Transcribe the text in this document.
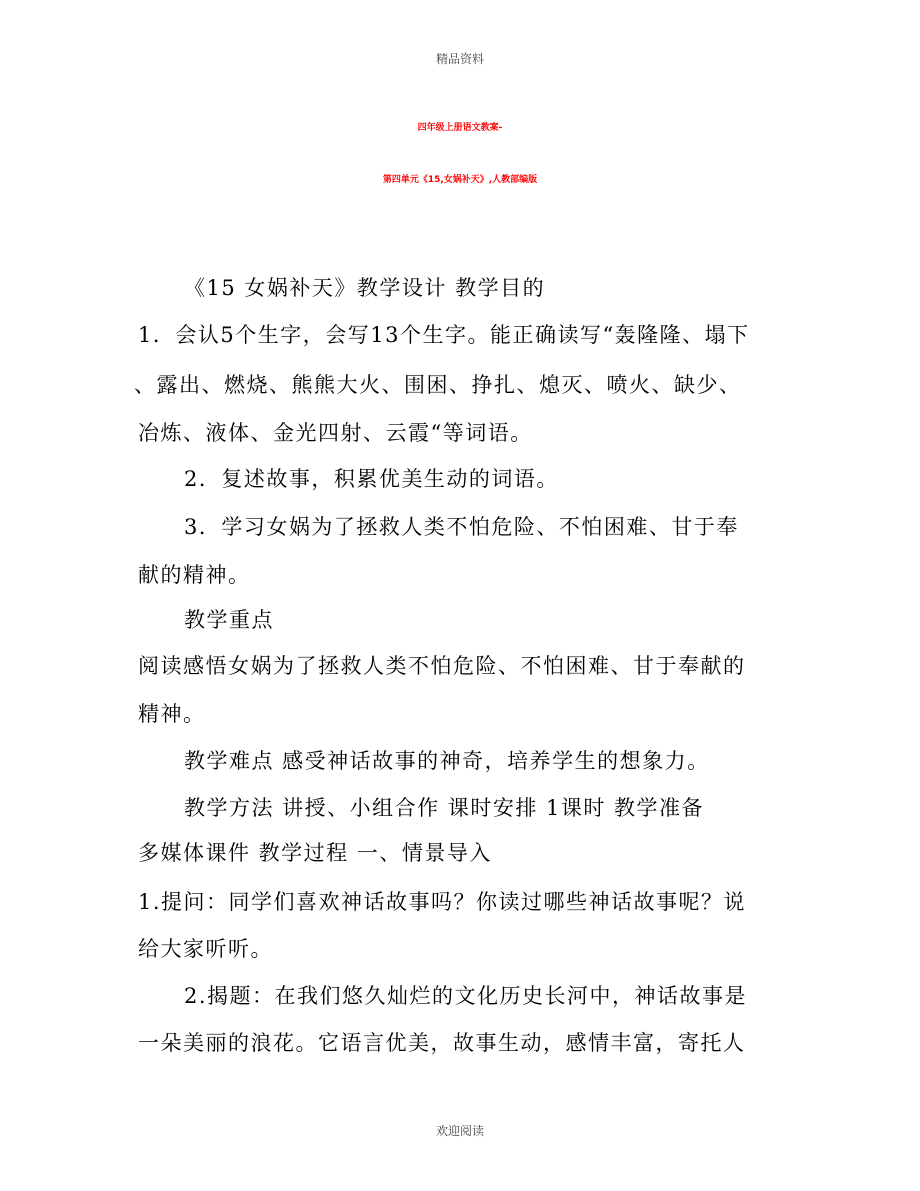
精品资料
四年级上册语文教案-
第四单元《15,女娲补天》,人教部编版
《15 女娲补天》教学设计 教学目的
1．会认5个生字，会写13个生字。能正确读写“轰隆隆、塌下
、露出、燃烧、熊熊大火、围困、挣扎、熄灭、喷火、缺少、
冶炼、液体、金光四射、云霞“等词语。
2．复述故事，积累优美生动的词语。
3．学习女娲为了拯救人类不怕危险、不怕困难、甘于奉
献的精神。
教学重点
阅读感悟女娲为了拯救人类不怕危险、不怕困难、甘于奉献的
精神。
教学难点 感受神话故事的神奇，培养学生的想象力。
教学方法 讲授、小组合作 课时安排 1课时 教学准备
多媒体课件 教学过程 一、情景导入
1.提问：同学们喜欢神话故事吗？你读过哪些神话故事呢？说
给大家听听。
2.揭题：在我们悠久灿烂的文化历史长河中，神话故事是
一朵美丽的浪花。它语言优美，故事生动，感情丰富，寄托人
欢迎阅读
